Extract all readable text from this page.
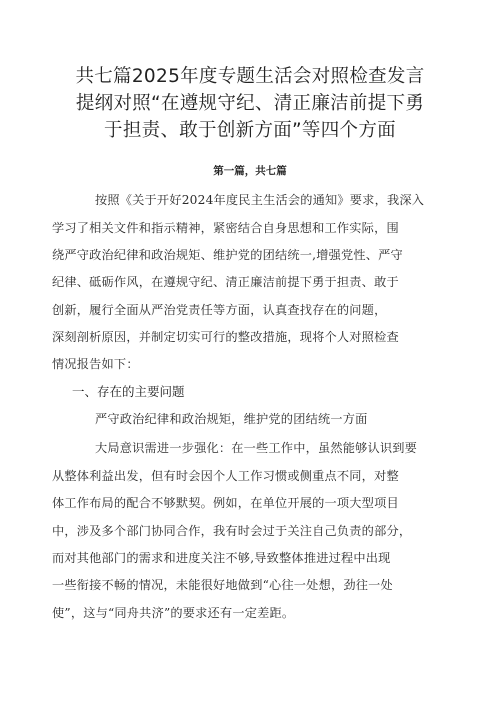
共七篇2025年度专题生活会对照检查发言
提纲对照“在遵规守纪、清正廉洁前提下勇
于担责、敢于创新方面”等四个方面
第一篇，共七篇
按照《关于开好2024年度民主生活会的通知》要求，我深入
学习了相关文件和指示精神，紧密结合自身思想和工作实际，围
绕严守政治纪律和政治规矩、维护党的团结统一,增强党性、严守
纪律、砥砺作风，在遵规守纪、清正廉洁前提下勇于担责、敢于
创新，履行全面从严治党责任等方面，认真查找存在的问题，
深刻剖析原因，并制定切实可行的整改措施，现将个人对照检查
情况报告如下：
一、存在的主要问题
严守政治纪律和政治规矩，维护党的团结统一方面
大局意识需进一步强化：在一些工作中，虽然能够认识到要
从整体利益出发，但有时会因个人工作习惯或侧重点不同，对整
体工作布局的配合不够默契。例如，在单位开展的一项大型项目
中，涉及多个部门协同合作，我有时会过于关注自己负责的部分，
而对其他部门的需求和进度关注不够,导致整体推进过程中出现
一些衔接不畅的情况，未能很好地做到“心往一处想，劲往一处
使”，这与“同舟共济”的要求还有一定差距。
